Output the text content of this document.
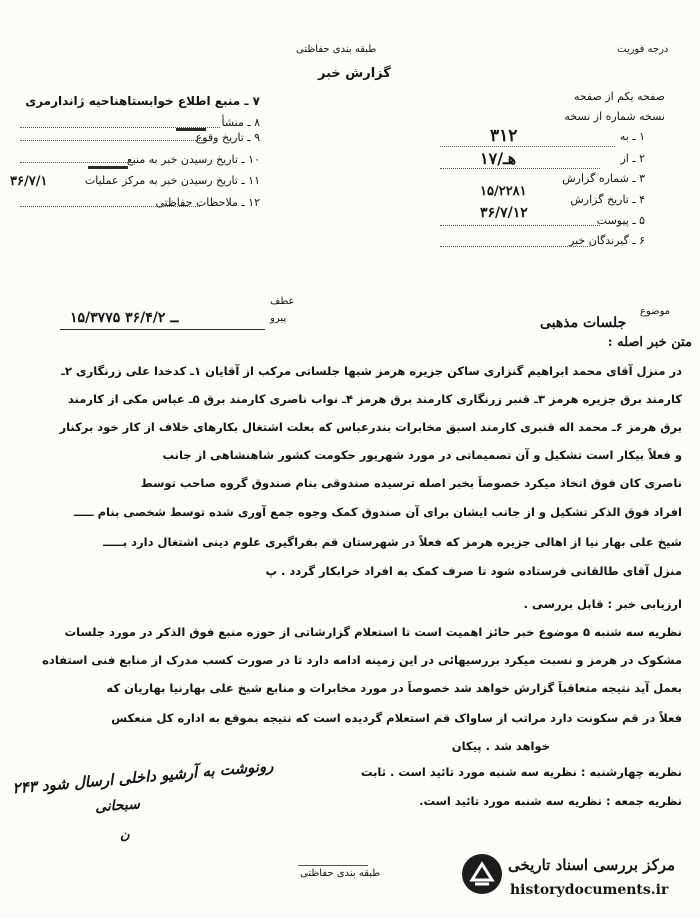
طبقه بندی حفاظتی
گزارش خبر
درجه فوریت
۷ ـ منبع اطلاع خوابستاهناحیه ژاندارمری
۸ ـ منشأ
۹ ـ تاریخ وقوع
۱۰ ـ تاریخ رسیدن خبر به منبع
۱۱ ـ تاریخ رسیدن خبر به مرکز عملیات
۳۶/۷/۱
۱۲ ـ ملاحظات حفاظتی
صفحه یکم از صفحه
نسخه شماره از نسخه
۱ ـ به
۳۱۲
۲ ـ از
۱۷/هـ
۳ ـ شماره گزارش
۱۵/۲۲۸۱
۴ ـ تاریخ گزارش
۳۶/۷/۱۲	۵ ـ پیوست
۶ ـ گیرندگان خبر
موضوع
جلسات مذهبی
عطف
پیرو
۱۵/۳۷۷۵ ــ ۳۶/۴/۲
متن خبر اصله :
در منزل آقای محمد ابراهیم گنزاری ساکن جزیره هرمز شبها جلساتی مرکب از آقایان ۱ـ کدخدا علی زرنگاری ۲ـ
کارمند برق جزیره هرمز ۳ـ قنبر زرنگاری کارمند برق هرمز ۴ـ نواب ناصری کارمند برق ۵ـ عباس مکی از کارمند
برق هرمز ۶ـ محمد اله قنبری کارمند اسبق مخابرات بندرعباس که بعلت اشتغال بکارهای خلاف از کار خود برکنار
و فعلاً بیکار است تشکیل و آن تصمیماتی در مورد شهریور حکومت کشور شاهنشاهی از جانب
ناصری کان فوق اتخاذ میکرد خصوصاً بخبر اصله ترسیده صندوقی بنام صندوق گروه صاحب توسط
افراد فوق الذکر تشکیل و از جانب ایشان برای آن صندوق کمک وجوه جمع آوری شده توسط شخصی بنام ـــــ
شیخ علی بهار نیا از اهالی جزیره هرمز که فعلاً در شهرستان قم بفراگیری علوم دینی اشتغال دارد بـــــ
منزل آقای طالقانی فرستاده شود تا صرف کمک به افراد خرابکار گردد . پ
ارزیابی خبر : قابل بررسی .
نظریه سه شنبه ۵ موضوع خبر حائز اهمیت است تا استعلام گزارشاتی از حوزه منبع فوق الذکر در مورد جلسات
مشکوک در هرمز و نسبت میکرد بررسیهائی در این زمینه ادامه دارد تا در صورت کسب مدرک از منابع فنی استفاده
بعمل آید نتیجه متعاقباً گزارش خواهد شد خصوصاً در مورد مخابرات و منابع شیخ علی بهارنیا بهاریان که
فعلاً در قم سکونت دارد مراتب از ساواک قم استعلام گردیده است که نتیجه بموقع به اداره کل منعکس
خواهد شد . پیکان
نظریه چهارشنبه : نظریه سه شنبه مورد تائید است . ثابت
نظریه جمعه : نظریه سه شنبه مورد تائید است.
رونوشت به آرشیو داخلی ارسال شود ۲۴۳
سبحانی
ن
طبقه بندی حفاظتی	مرکز بررسی اسناد تاریخی
historydocuments.ir
